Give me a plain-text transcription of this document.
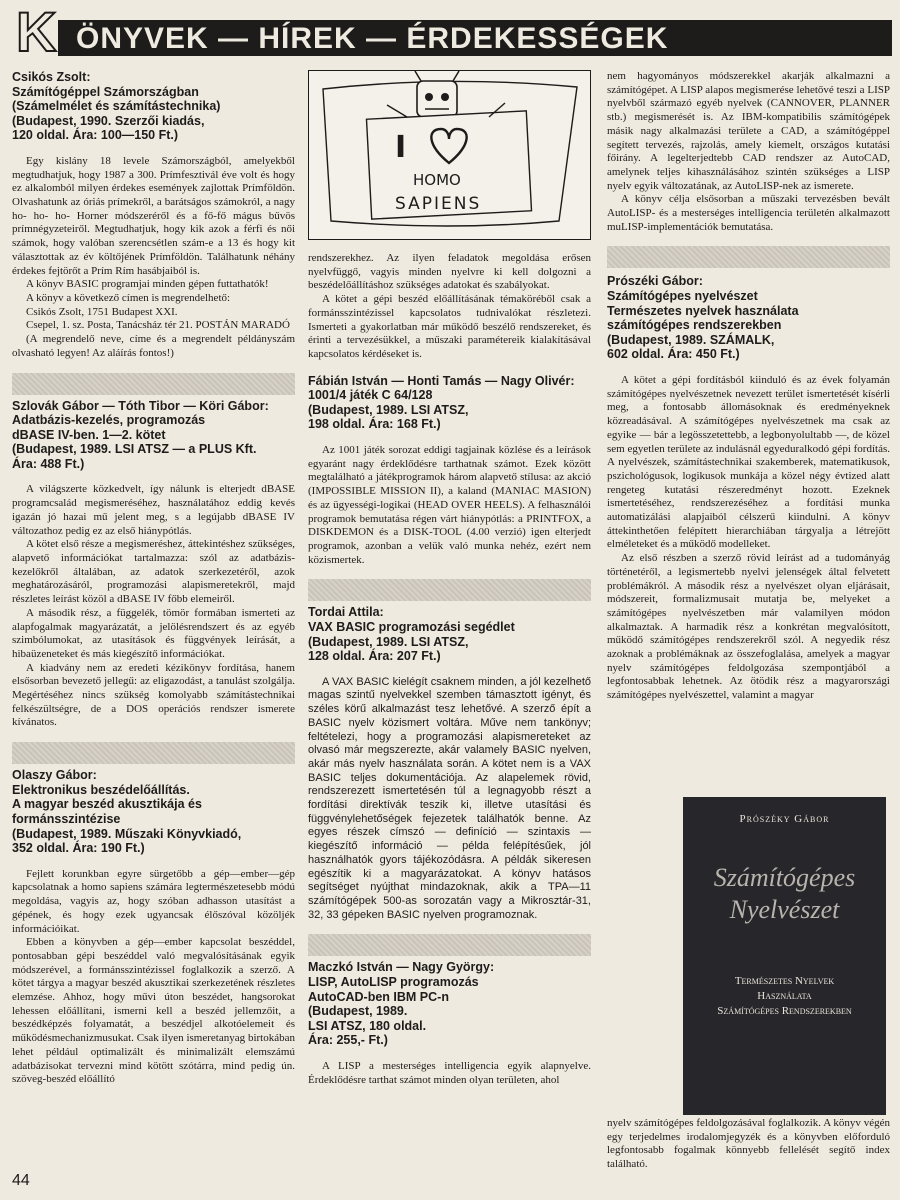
K ÖNYVEK — HÍREK — ÉRDEKESSÉGEK

Csikós Zsolt:

Számítógéppel Számországban

(Számelmélet és számítástechnika)

(Budapest, 1990. Szerzői kiadás,

120 oldal. Ára: 100—150 Ft.)

Egy kislány 18 levele Számországból, amelyekből megtudhatjuk, hogy 1987 a 300. Prímfesztivál éve volt és hogy ez alkalomból milyen érdekes események zajlottak Prímföldön. Olvashatunk az óriás prímekről, a barátságos számokról, a nagy ho- ho- ho- Horner módszeréről és a fő-fő mágus bűvös prímnégyzeteiről. Megtudhatjuk, hogy kik azok a férfi és női számok, hogy valóban szerencsétlen szám-e a 13 és hogy kit választottak az év költőjének Prímföldön. Találhatunk néhány érdekes fejtörőt a Prím Rím hasábjaiból is.

A könyv BASIC programjai minden gépen futtathatók!

A könyv a következő címen is megrendelhető:

Csikós Zsolt, 1751 Budapest XXI.

Csepel, 1. sz. Posta, Tanácsház tér 21. POSTÁN MARADÓ

(A megrendelő neve, címe és a megrendelt példányszám olvasható legyen! Az aláírás fontos!)

Szlovák Gábor — Tóth Tibor — Köri Gábor:

Adatbázis-kezelés, programozás

dBASE IV-ben. 1—2. kötet

(Budapest, 1989. LSI ATSZ — a PLUS Kft.

Ára: 488 Ft.)

A világszerte közkedvelt, így nálunk is elterjedt dBASE programcsalád megismeréséhez, használatához eddig kevés igazán jó hazai mű jelent meg, s a legújabb dBASE IV változathoz pedig ez az első hiánypótlás.

A kötet első része a megismeréshez, áttekintéshez szükséges, alapvető információkat tartalmazza: szól az adatbázis-kezelőkről általában, az adatok szerkezetéről, azok meghatározásáról, programozási alapismeretekről, majd részletes leírást közöl a dBASE IV főbb elemeiről.

A második rész, a függelék, tömör formában ismerteti az alapfogalmak magyarázatát, a jelölésrendszert és az egyéb szimbólumokat, az utasítások és függvények leírását, a hibaüzeneteket és más kiegészítő információkat.

A kiadvány nem az eredeti kézikönyv fordítása, hanem elsősorban bevezető jellegű: az eligazodást, a tanulást szolgálja. Megértéséhez nincs szükség komolyabb számítástechnikai felkészültségre, de a DOS operációs rendszer ismerete kívánatos.

Olaszy Gábor:

Elektronikus beszédelőállítás.

A magyar beszéd akusztikája és formánsszintézise

(Budapest, 1989. Műszaki Könyvkiadó,

352 oldal. Ára: 190 Ft.)

Fejlett korunkban egyre sürgetőbb a gép—ember—gép kapcsolatnak a homo sapiens számára legtermészetesebb módú megoldása, vagyis az, hogy szóban adhasson utasítást a gépének, és hogy ezek ugyancsak élőszóval közöljék információikat.

Ebben a könyvben a gép—ember kapcsolat beszéddel, pontosabban gépi beszéddel való megvalósításának egyik módszerével, a formánsszintézissel foglalkozik a szerző. A kötet tárgya a magyar beszéd akusztikai szerkezetének részletes elemzése. Ahhoz, hogy művi úton beszédet, hangsorokat lehessen előállítani, ismerni kell a beszéd jellemzőit, a beszédképzés folyamatát, a beszédjel alkotóelemeit és működésmechanizmusukat. Csak ilyen ismeretanyag birtokában lehet például optimalizált és minimalizált elemszámú adatbázisokat tervezni mind kötött szótárra, mind pedig ún. szöveg-beszéd előállító

I
HOMO
SAPIENS

rendszerekhez. Az ilyen feladatok megoldása erősen nyelvfüggő, vagyis minden nyelvre ki kell dolgozni a beszédelőállításhoz szükséges adatokat és szabályokat.

A kötet a gépi beszéd előállításának témaköréből csak a formánsszintézissel kapcsolatos tudnivalókat részletezi. Ismerteti a gyakorlatban már működő beszélő rendszereket, és érinti a tervezésükkel, a műszaki paramétereik kialakításával kapcsolatos kérdéseket is.

Fábián István — Honti Tamás — Nagy Olivér:

1001/4 játék C 64/128

(Budapest, 1989. LSI ATSZ,

198 oldal. Ára: 168 Ft.)

Az 1001 játék sorozat eddigi tagjainak közlése és a leírások egyaránt nagy érdeklődésre tarthatnak számot. Ezek között megtalálható a játékprogramok három alapvető stílusa: az akció (IMPOSSIBLE MISSION II), a kaland (MANIAC MASION) és az ügyességi-logikai (HEAD OVER HEELS). A felhasználói programok bemutatása régen várt hiánypótlás: a PRINTFOX, a DISKDEMON és a DISK-TOOL (4.00 verzió) igen elterjedt programok, azonban a velük való munka nehéz, ezért nem közismertek.

Tordai Attila:

VAX BASIC programozási segédlet

(Budapest, 1989. LSI ATSZ,

128 oldal. Ára: 207 Ft.)

A VAX BASIC kielégít csaknem minden, a jól kezelhető magas szintű nyelvekkel szemben támasztott igényt, és széles körű alkalmazást tesz lehetővé. A szerző épít a BASIC nyelv közismert voltára. Műve nem tankönyv; feltételezi, hogy a programozási alapismereteket az olvasó már megszerezte, akár valamely BASIC nyelven, akár más nyelv használata során. A kötet nem is a VAX BASIC teljes dokumentációja. Az alapelemek rövid, rendszerezett ismertetésén túl a legnagyobb részt a fordítási direktívák teszik ki, illetve utasítási és függvénylehetőségek fejezetek találhatók benne. Az egyes részek címszó — definíció — szintaxis — kiegészítő információ — példa felépítésűek, jól használhatók gyors tájékozódásra. A példák sikeresen egészítik ki a magyarázatokat. A könyv hatásos segítséget nyújthat mindazoknak, akik a TPA—11 számítógépek 500-as sorozatán vagy a Mikrosztár-31, 32, 33 gépeken BASIC nyelven programoznak.

Maczkó István — Nagy György:

LISP, AutoLISP programozás

AutoCAD-ben IBM PC-n

(Budapest, 1989.

LSI ATSZ, 180 oldal.

Ára: 255,- Ft.)

A LISP a mesterséges intelligencia egyik alapnyelve. Érdeklődésre tarthat számot minden olyan területen, ahol

nem hagyományos módszerekkel akarják alkalmazni a számítógépet. A LISP alapos megismerése lehetővé teszi a LISP nyelvből származó egyéb nyelvek (CANNOVER, PLANNER stb.) megismerését is. Az IBM-kompatibilis számítógépek másik nagy alkalmazási területe a CAD, a számítógéppel segített tervezés, rajzolás, amely kiemelt, országos kutatási főirány. A legelterjedtebb CAD rendszer az AutoCAD, amelynek teljes kihasználásához szintén szükséges a LISP nyelv egyik változatának, az AutoLISP-nek az ismerete.

A könyv célja elsősorban a műszaki tervezésben bevált AutoLISP- és a mesterséges intelligencia területén alkalmazott muLISP-implementációk bemutatása.

Prószéki Gábor:

Számítógépes nyelvészet

Természetes nyelvek használata

számítógépes rendszerekben

(Budapest, 1989. SZÁMALK,

602 oldal. Ára: 450 Ft.)

A kötet a gépi fordításból kiinduló és az évek folyamán számítógépes nyelvészetnek nevezett terület ismertetését kísérli meg, a fontosabb állomásoknak és eredményeknek közreadásával. A számítógépes nyelvészetnek ma csak az egyike — bár a legösszetettebb, a legbonyolultabb —, de közel sem egyetlen területe az indulásnál egyeduralkodó gépi fordítás. A nyelvészek, számítástechnikai szakemberek, matematikusok, pszichológusok, logikusok munkája a közel négy évtized alatt rengeteg kutatási részeredményt hozott. Ezeknek ismertetéséhez, rendszerezéséhez a fordítási munka automatizálási alapjaiból célszerű kiindulni. A könyv áttekinthetően felépített hierarchiában tárgyalja a létrejött elméleteket és a működő modelleket.

Az első részben a szerző rövid leírást ad a tudományág történetéről, a legismertebb nyelvi jelenségek által felvetett problémákról. A második rész a nyelvészet olyan eljárásait, módszereit, formalizmusait mutatja be, melyeket a számítógépes nyelvészetben már valamilyen módon alkalmaztak. A harmadik rész a konkrétan megvalósított, működő számítógépes rendszerekről szól. A negyedik rész azoknak a problémáknak az összefoglalása, amelyek a magyar nyelv számítógépes feldolgozása szempontjából a legfontosabbak lehetnek. Az ötödik rész a magyarországi számítógépes nyelvészettel, valamint a magyar

Prószéky Gábor
Számítógépes
Nyelvészet
Természetes Nyelvek
Használata
Számítógépes Rendszerekben

nyelv számítógépes feldolgozásával foglalkozik. A könyv végén egy terjedelmes irodalomjegyzék és a könyvben előforduló legfontosabb fogalmak könnyebb fellelését segítő index található.

44
